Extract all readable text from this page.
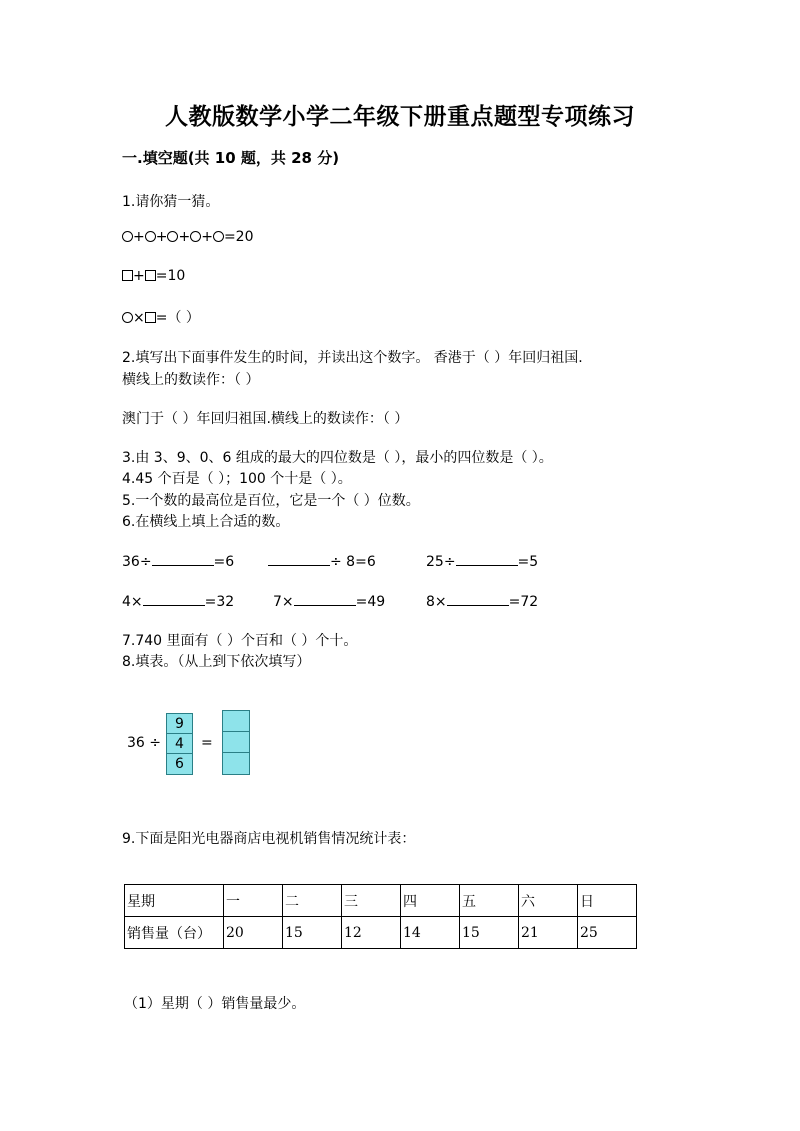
人教版数学小学二年级下册重点题型专项练习
一.填空题(共 10 题，共 28 分)
1.请你猜一猜。
+ + + + =20
+ =10
× =（ ）
2.填写出下面事件发生的时间，并读出这个数字。 香港于（ ）年回归祖国.
横线上的数读作：（ ）
澳门于（ ）年回归祖国.横线上的数读作：（ ）
3.由 3、9、0、6 组成的最大的四位数是（ ），最小的四位数是（ ）。
4.45 个百是（ ）；100 个十是（ ）。
5.一个数的最高位是百位，它是一个（ ）位数。
6.在横线上填上合适的数。
36÷	=6	÷ 8=6	25÷	=5
4×	=32	7×	=49	8×	=72
7.740 里面有（ ）个百和（ ）个十。
8.填表。（从上到下依次填写）
36 ÷
9
4
6
=
9.下面是阳光电器商店电视机销售情况统计表：
星期	一	二	三	四	五	六	日
销售量（台）	20	15	12	14	15	21	25
（1）星期（ ）销售量最少。
